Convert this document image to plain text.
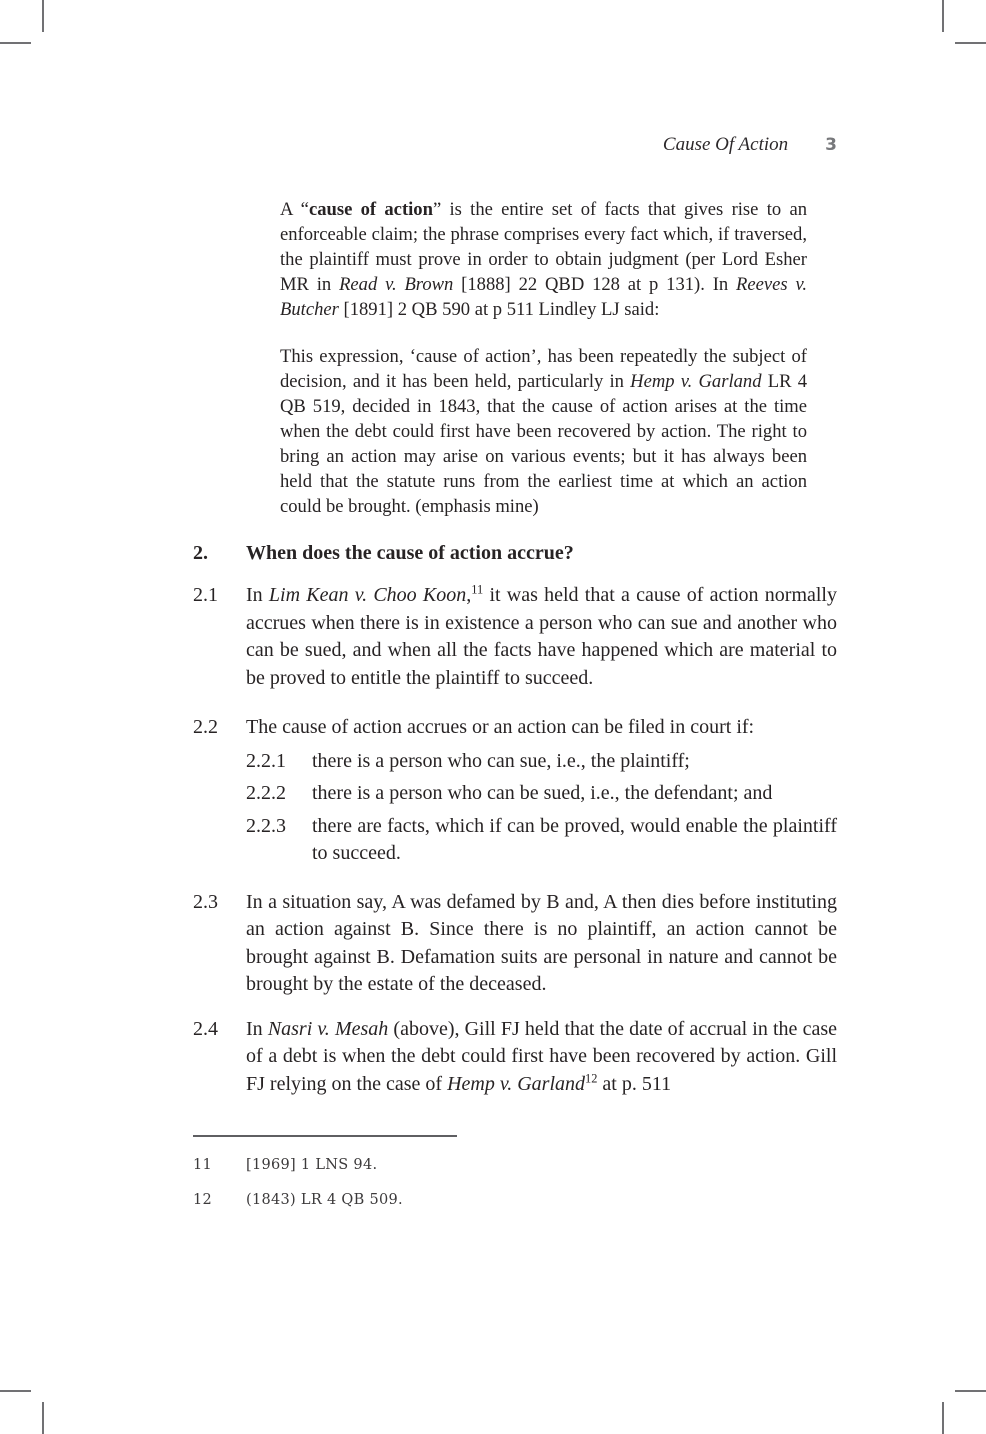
Cause Of Action 3

A “cause of action” is the entire set of facts that gives rise to an enforceable claim; the phrase comprises every fact which, if traversed, the plaintiff must prove in order to obtain judgment (per Lord Esher MR in Read v. Brown [1888] 22 QBD 128 at p 131). In Reeves v. Butcher [1891] 2 QB 590 at p 511 Lindley LJ said:

This expression, ‘cause of action’, has been repeatedly the subject of decision, and it has been held, particularly in Hemp v. Garland LR 4 QB 519, decided in 1843, that the cause of action arises at the time when the debt could first have been recovered by action. The right to bring an action may arise on various events; but it has always been held that the statute runs from the earliest time at which an action could be brought. (emphasis mine)

2.	When does the cause of action accrue?
2.1	In Lim Kean v. Choo Koon,$^{11}$ it was held that a cause of action normally accrues when there is in existence a person who can sue and another who can be sued, and when all the facts have happened which are material to be proved to entitle the plaintiff to succeed.
2.2	The cause of action accrues or an action can be filed in court if:
2.2.1	there is a person who can sue, i.e., the plaintiff;
2.2.2	there is a person who can be sued, i.e., the defendant; and
2.2.3	there are facts, which if can be proved, would enable the plaintiff to succeed.
2.3	In a situation say, A was defamed by B and, A then dies before instituting an action against B. Since there is no plaintiff, an action cannot be brought against B. Defamation suits are personal in nature and cannot be brought by the estate of the deceased.
2.4	In Nasri v. Mesah (above), Gill FJ held that the date of accrual in the case of a debt is when the debt could first have been recovered by action. Gill FJ relying on the case of Hemp v. Garland$^{12}$ at p. 511
11	[1969] 1 LNS 94.
12	(1843) LR 4 QB 509.
